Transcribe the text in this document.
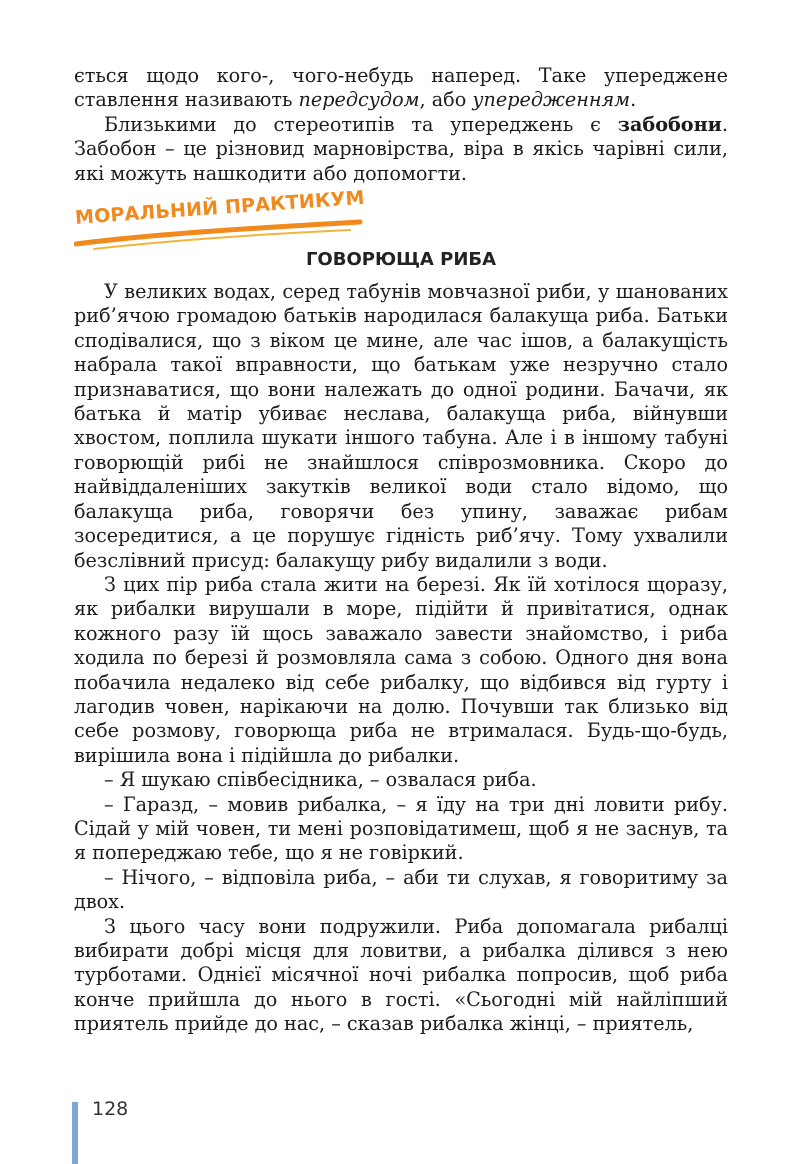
ється щодо кого-, чого-небудь наперед. Таке упереджене ставлення називають передсудом, або упередженням.

Близькими до стереотипів та упереджень є забобони. Забобон – це різновид марновірства, віра в якісь чарівні сили, які можуть нашкодити або допомогти.

МОРАЛЬНИЙ ПРАКТИКУМ
ГОВОРЮЩА РИБА

У великих водах, серед табунів мовчазної риби, у шанованих риб’ячою громадою батьків народилася балакуща риба. Батьки сподівалися, що з віком це мине, але час ішов, а балакущість набрала такої вправности, що батькам уже незручно стало признаватися, що вони належать до одної родини. Бачачи, як батька й матір убиває неслава, балакуща риба, війнувши хвостом, поплила шукати іншого табуна. Але і в іншому табуні говорющій рибі не знайшлося співрозмовника. Скоро до найвіддаленіших закутків великої води стало відомо, що балакуща риба, говорячи без упину, заважає рибам зосередитися, а це порушує гідність риб’ячу. Тому ухвалили безслівний присуд: балакущу рибу видалили з води.

З цих пір риба стала жити на березі. Як їй хотілося щоразу, як рибалки вирушали в море, підійти й привітатися, однак кожного разу їй щось заважало завести знайомство, і риба ходила по березі й розмовляла сама з собою. Одного дня вона побачила недалеко від себе рибалку, що відбився від гурту і лагодив човен, нарікаючи на долю. Почувши так близько від себе розмову, говорюща риба не втрималася. Будь-що-будь, вирішила вона і підійшла до рибалки.

– Я шукаю співбесідника, – озвалася риба.

– Гаразд, – мовив рибалка, – я їду на три дні ловити рибу. Сідай у мій човен, ти мені розповідатимеш, щоб я не заснув, та я попереджаю тебе, що я не говіркий.

– Нічого, – відповіла риба, – аби ти слухав, я говоритиму за двох.

З цього часу вони подружили. Риба допомагала рибалці вибирати добрі місця для ловитви, а рибалка ділився з нею турботами. Однієї місячної ночі рибалка попросив, щоб риба конче прийшла до нього в гості. «Сьогодні мій найліпший приятель прийде до нас, – сказав рибалка жінці, – приятель,

128
